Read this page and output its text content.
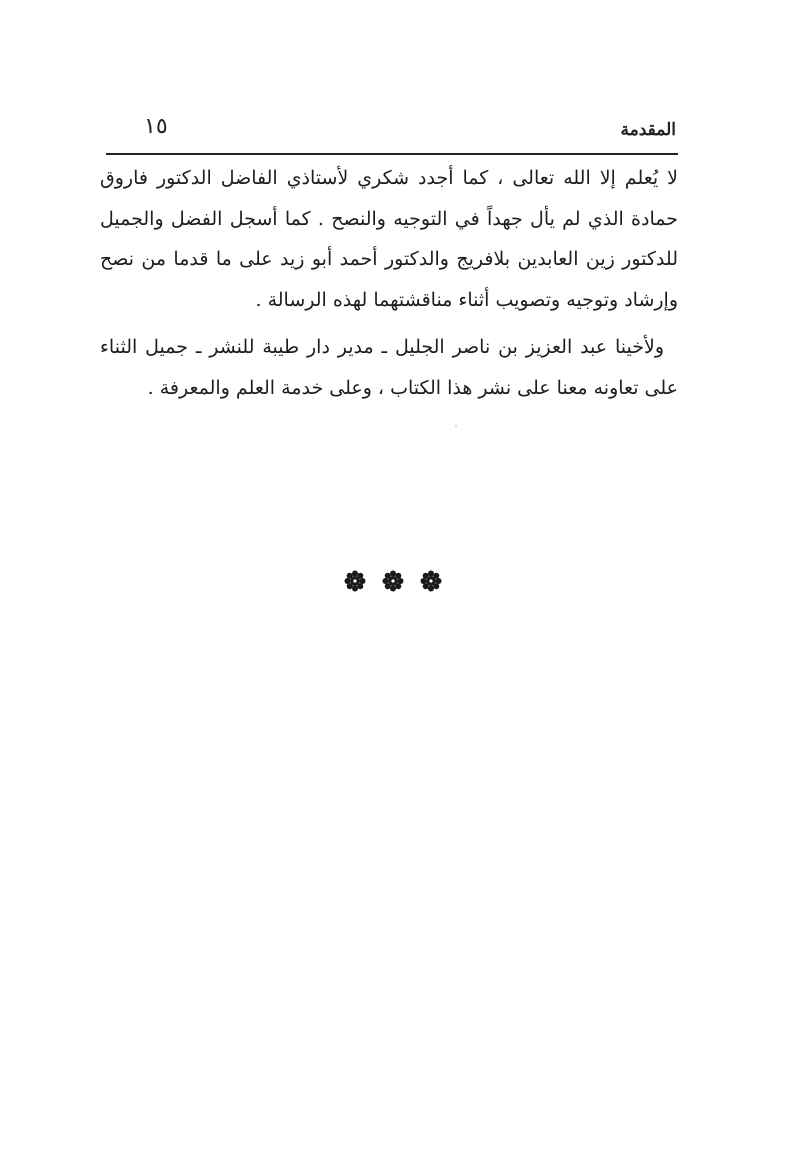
المقدمة
١٥

لا يُعلم إلا الله تعالى ، كما أجدد شكري لأستاذي الفاضل الدكتور فاروق حمادة الذي لم يأل جهداً في التوجيه والنصح . كما أسجل الفضل والجميل للدكتور زين العابدين بلافريج والدكتور أحمد أبو زيد على ما قدما من نصح وإرشاد وتوجيه وتصويب أثناء مناقشتهما لهذه الرسالة .

ولأخينا عبد العزيز بن ناصر الجليل ـ مدير دار طيبة للنشر ـ جميل الثناء على تعاونه معنا على نشر هذا الكتاب ، وعلى خدمة العلم والمعرفة .
